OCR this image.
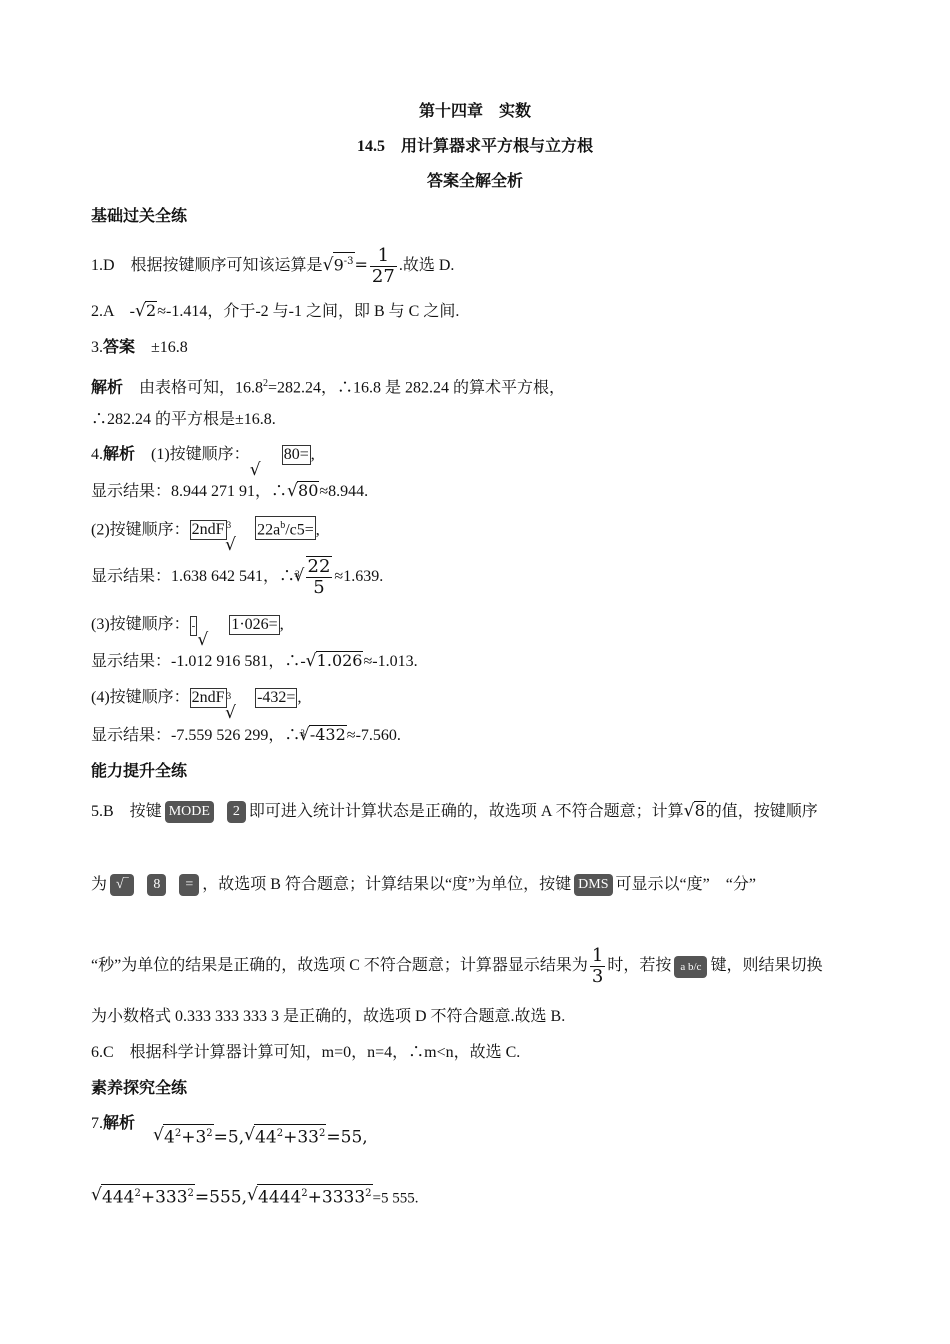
第十四章　实数
14.5　用计算器求平方根与立方根
答案全解全析
基础过关全练
1.D　根据按键顺序可知该运算是√ $9^{-3}= \frac{1}{27}$ .故选 D.
2.A　-√ 2≈-1.414，介于-2 与-1 之间，即 B 与 C 之间.
3.答案　±16.8
解析　由表格可知，$16.8^2=282.24$，∴16.8 是 282.24 的算术平方根，
∴282.24 的平方根是±16.8.
4.解析　(1)按键顺序： 80= ,
显示结果：8.944 271 91，∴√ 80≈8.944.
(2)按键顺序： 2ndF $^3$ $22a^b/c5=$ ,
显示结果：1.638 642 541，∴$^3$
√ $\frac{22}{5} \approx 1.639$.
(3)按键顺序： - 1·026= ,
显示结果：-1.012 916 581，∴-√ 1.026≈-1.013.
(4)按键顺序： 2ndF $^3$ -432= ,
显示结果：-7.559 526 299，∴$^3$√ -432≈-7.560.
能力提升全练
5.B　按键 MODE 2 即可进入统计计算状态是正确的，故选项 A 不符合题意；计算√ 8的值，按键顺序
为 √‾ 8 = ，故选项 B 符合题意；计算结果以“度”为单位，按键 DMS 可显示以“度”　“分”
“秒”为单位的结果是正确的，故选项 C 不符合题意；计算器显示结果为 $\frac{1}{3}$ 时，若按 a b/c 键，则结果切换
为小数格式 0.333 333 333 3 是正确的，故选项 D 不符合题意.故选 B.
6.C　根据科学计算器计算可知，m=0，n=4，∴m<n，故选 C.
素养探究全练
7.解析
√ $4^2+3^2=5,√$ $44^2+33^2=55$,
√ $444^2+333^2=555,√$ $4444^2+3333^2=5$ 555.
